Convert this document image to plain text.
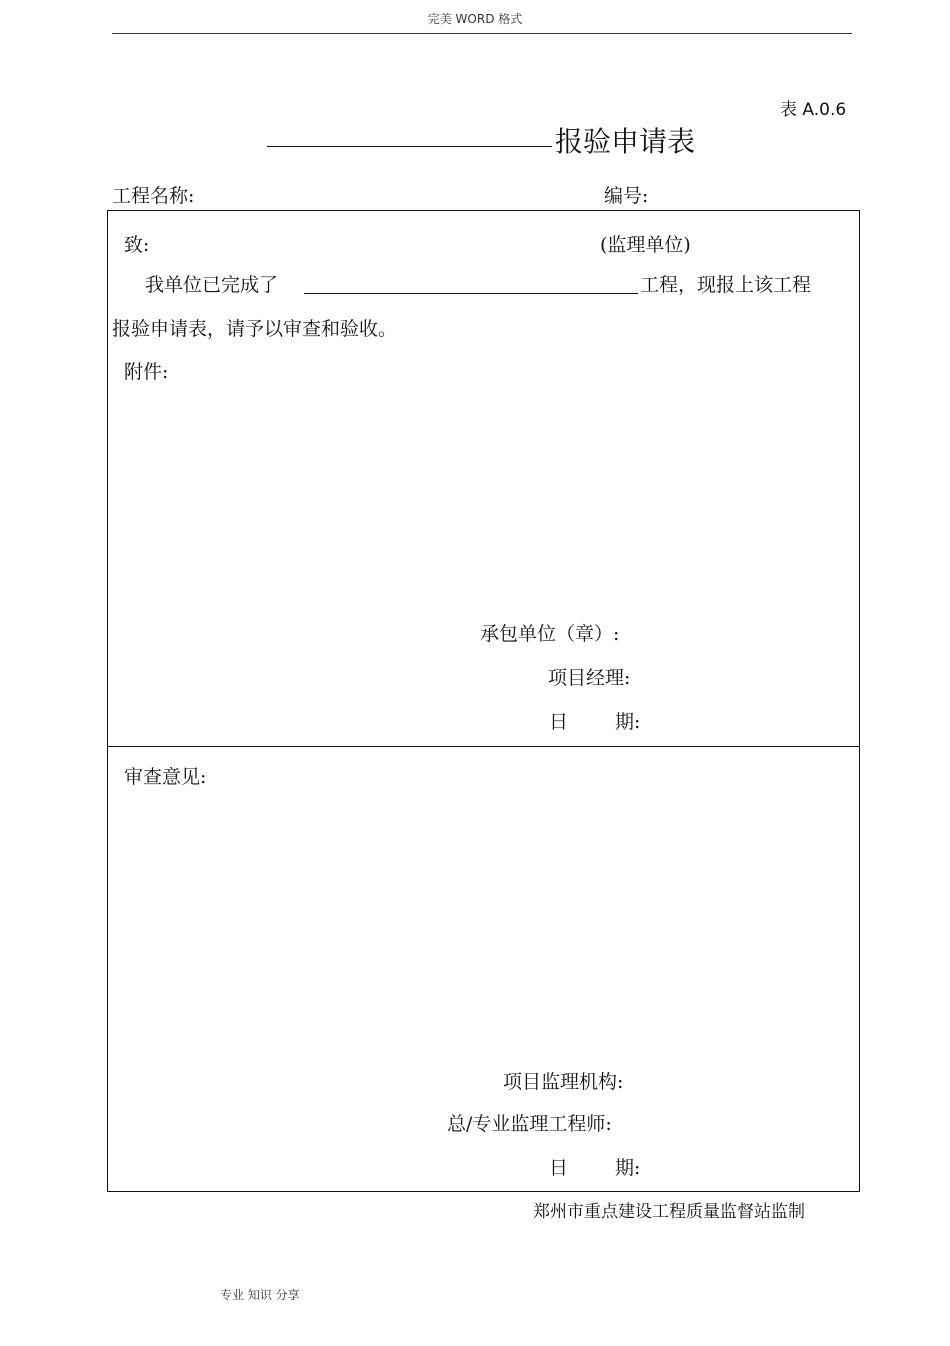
完美 WORD 格式
表 A.0.6
报验申请表
工程名称:	编号:
致:	(监理单位)
我单位已完成了	工程，现报上该工程
报验申请表，请予以审查和验收。
附件:
承包单位（章）:
项目经理:
日 期:
审查意见:
项目监理机构:
总/专业监理工程师:
日 期:
郑州市重点建设工程质量监督站监制
专业 知识 分享
